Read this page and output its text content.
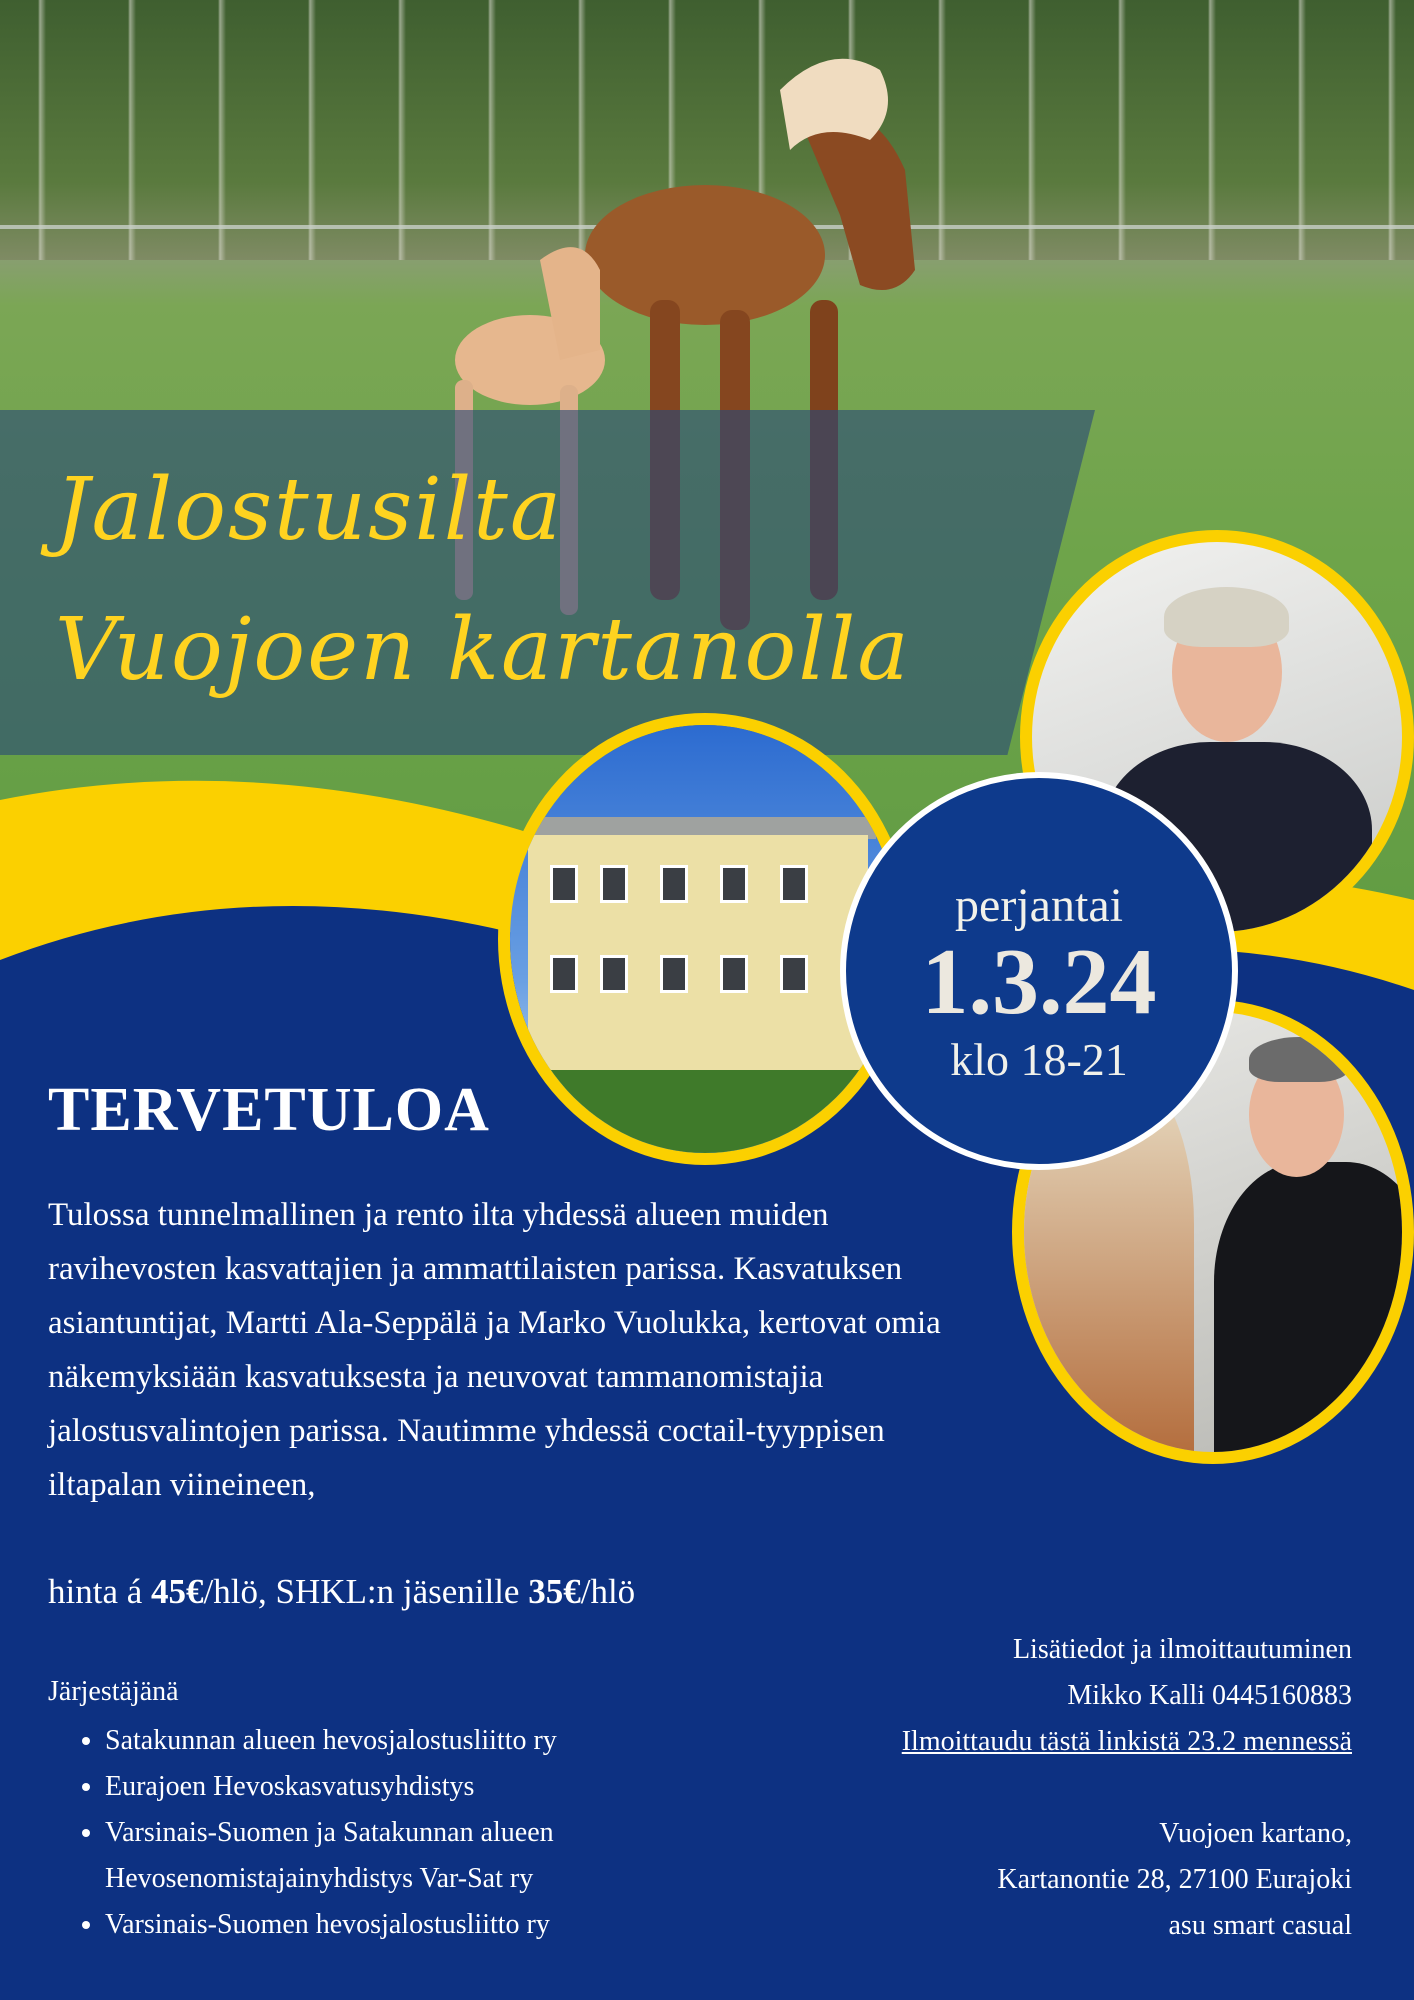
Jalostusilta
Vuojoen kartanolla
perjantai
1.3.24
klo 18-21
TERVETULOA
Tulossa tunnelmallinen ja rento ilta yhdessä alueen muiden ravihevosten kasvattajien ja ammattilaisten parissa. Kasvatuksen asiantuntijat, Martti Ala-Seppälä ja Marko Vuolukka, kertovat omia näkemyksiään kasvatuksesta ja neuvovat tammanomistajia jalostusvalintojen parissa. Nautimme yhdessä coctail-tyyppisen iltapalan viineineen,
hinta á 45€/hlö, SHKL:n jäsenille 35€/hlö
Järjestäjänä
• Satakunnan alueen hevosjalostusliitto ry
• Eurajoen Hevoskasvatusyhdistys
• Varsinais-Suomen ja Satakunnan alueen Hevosenomistajainyhdistys Var-Sat ry
• Varsinais-Suomen hevosjalostusliitto ry
Lisätiedot ja ilmoittautuminen
Mikko Kalli 0445160883
Ilmoittaudu tästä linkistä 23.2 mennessä
Vuojoen kartano,
Kartanontie 28, 27100 Eurajoki
asu smart casual
